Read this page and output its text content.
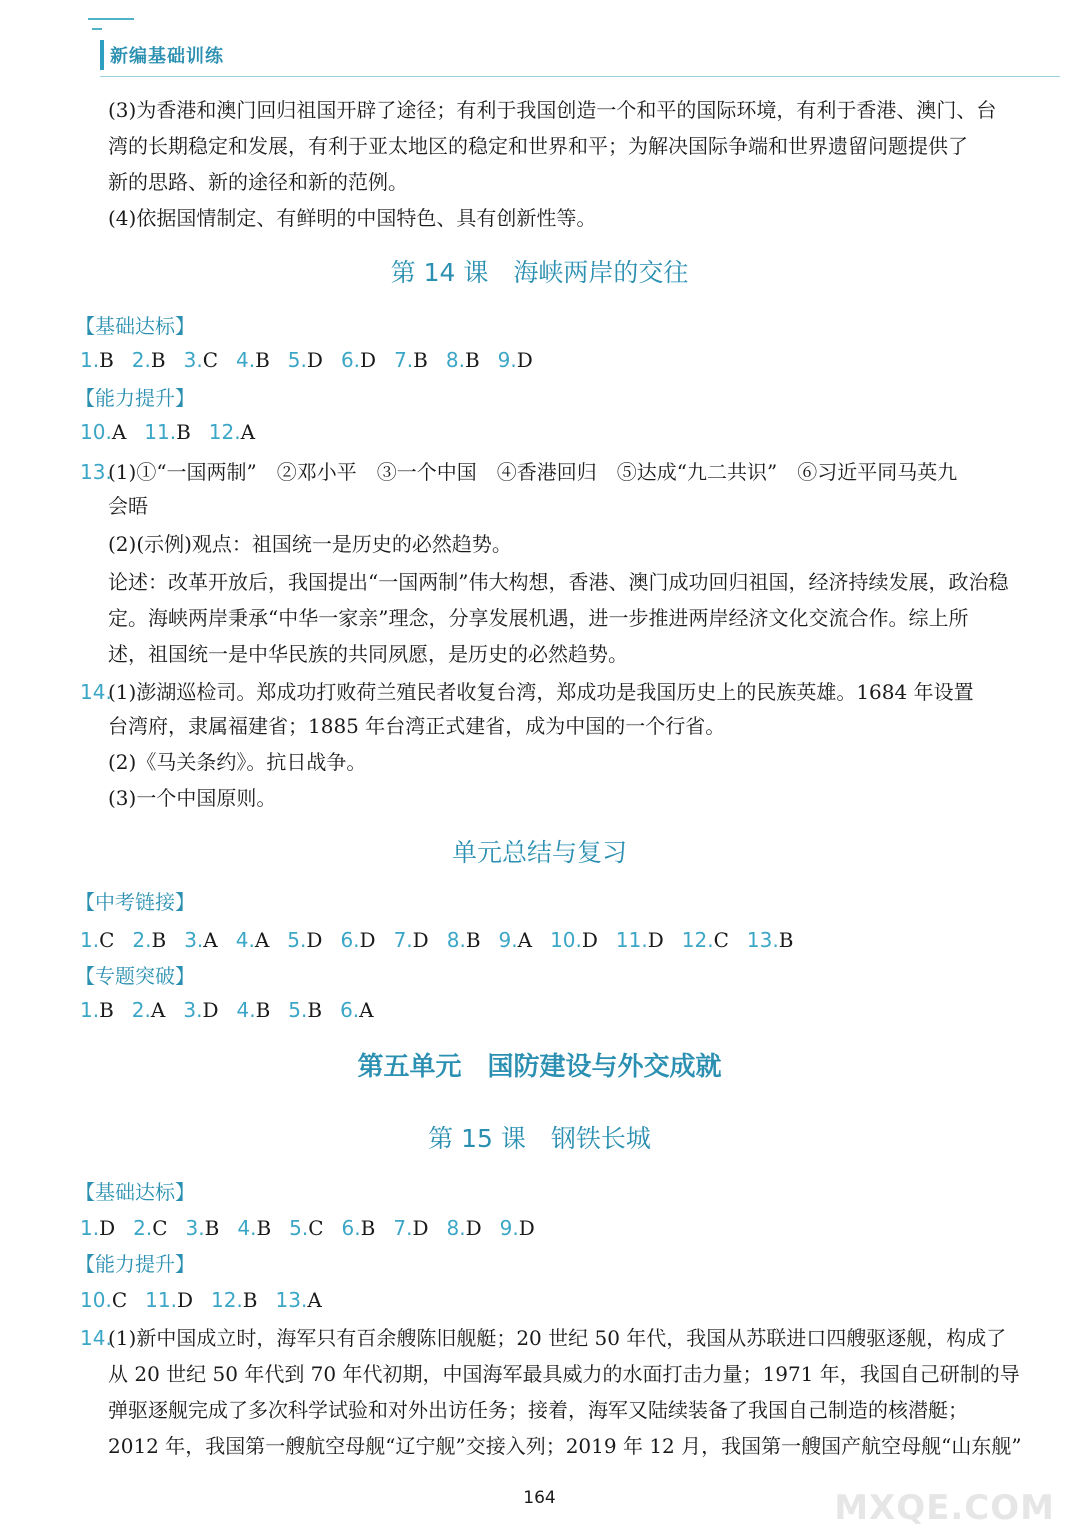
新编基础训练
(3)为香港和澳门回归祖国开辟了途径；有利于我国创造一个和平的国际环境，有利于香港、澳门、台
湾的长期稳定和发展，有利于亚太地区的稳定和世界和平；为解决国际争端和世界遗留问题提供了
新的思路、新的途径和新的范例。
(4)依据国情制定、有鲜明的中国特色、具有创新性等。
第 14 课　海峡两岸的交往
【基础达标】
1.B 2.B 3.C 4.B 5.D 6.D 7.B 8.B 9.D
【能力提升】
10.A 11.B 12.A
13.
(1)①“一国两制”　②邓小平　③一个中国　④香港回归　⑤达成“九二共识”　⑥习近平同马英九
会晤
(2)(示例)观点：祖国统一是历史的必然趋势。
论述：改革开放后，我国提出“一国两制”伟大构想，香港、澳门成功回归祖国，经济持续发展，政治稳
定。海峡两岸秉承“中华一家亲”理念，分享发展机遇，进一步推进两岸经济文化交流合作。综上所
述，祖国统一是中华民族的共同夙愿，是历史的必然趋势。
14.
(1)澎湖巡检司。郑成功打败荷兰殖民者收复台湾，郑成功是我国历史上的民族英雄。1684 年设置
台湾府，隶属福建省；1885 年台湾正式建省，成为中国的一个行省。
(2)《马关条约》。抗日战争。
(3)一个中国原则。
单元总结与复习
【中考链接】
1.C 2.B 3.A 4.A 5.D 6.D 7.D 8.B 9.A 10.D 11.D 12.C 13.B
【专题突破】
1.B 2.A 3.D 4.B 5.B 6.A
第五单元　国防建设与外交成就
第 15 课　钢铁长城
【基础达标】
1.D 2.C 3.B 4.B 5.C 6.B 7.D 8.D 9.D
【能力提升】
10.C 11.D 12.B 13.A
14.
(1)新中国成立时，海军只有百余艘陈旧舰艇；20 世纪 50 年代，我国从苏联进口四艘驱逐舰，构成了
从 20 世纪 50 年代到 70 年代初期，中国海军最具威力的水面打击力量；1971 年，我国自己研制的导
弹驱逐舰完成了多次科学试验和对外出访任务；接着，海军又陆续装备了我国自己制造的核潜艇；
2012 年，我国第一艘航空母舰“辽宁舰”交接入列；2019 年 12 月，我国第一艘国产航空母舰“山东舰”
164	MXQE.COM
